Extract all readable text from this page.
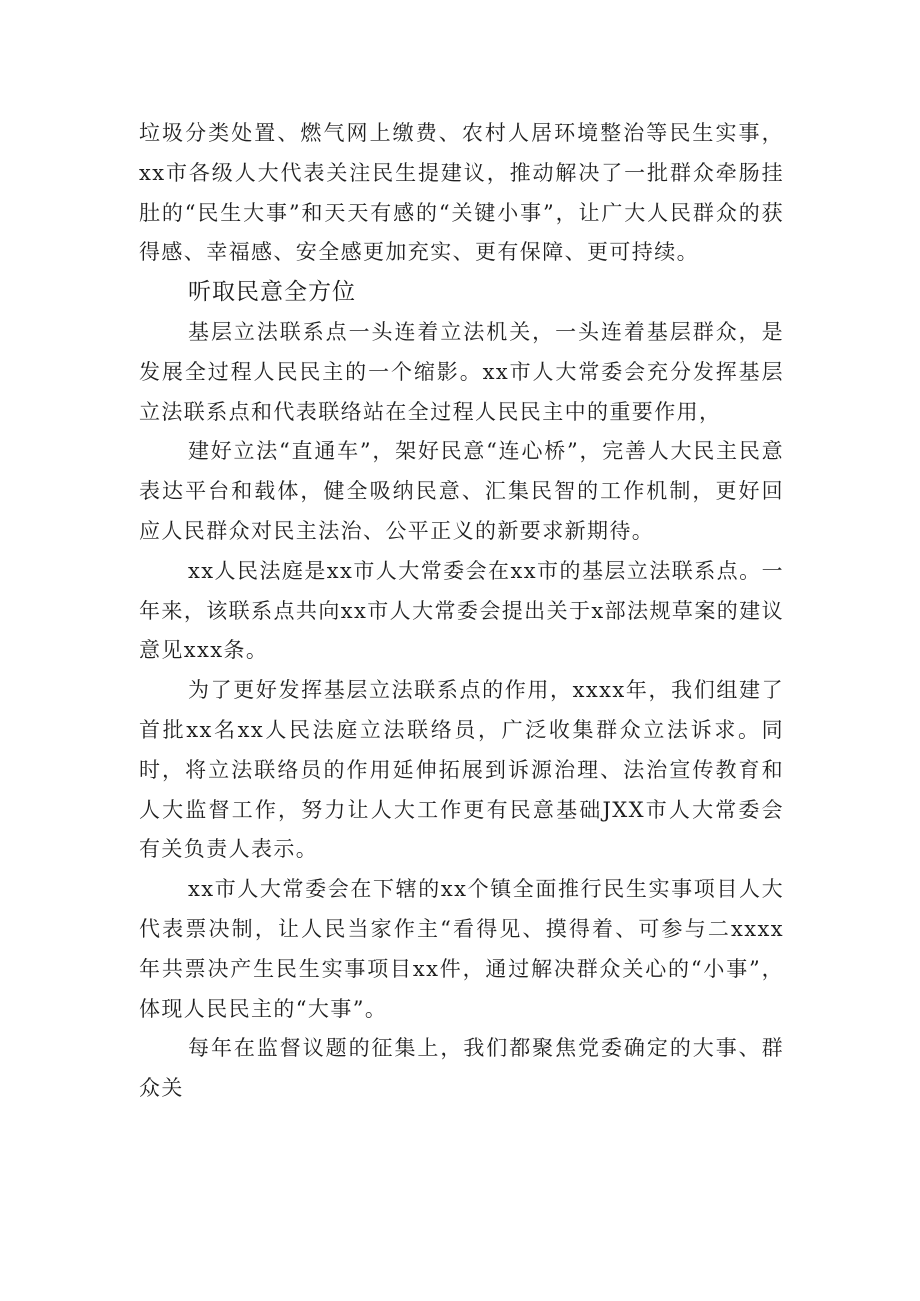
垃圾分类处置、燃气网上缴费、农村人居环境整治等民生实事，xx市各级人大代表关注民生提建议，推动解决了一批群众牵肠挂肚的“民生大事”和天天有感的“关键小事”，让广大人民群众的获得感、幸福感、安全感更加充实、更有保障、更可持续。

听取民意全方位

基层立法联系点一头连着立法机关，一头连着基层群众，是发展全过程人民民主的一个缩影。xx市人大常委会充分发挥基层立法联系点和代表联络站在全过程人民民主中的重要作用，

建好立法“直通车”，架好民意“连心桥”，完善人大民主民意表达平台和载体，健全吸纳民意、汇集民智的工作机制，更好回应人民群众对民主法治、公平正义的新要求新期待。

xx人民法庭是xx市人大常委会在xx市的基层立法联系点。一年来，该联系点共向xx市人大常委会提出关于x部法规草案的建议意见xxx条。

为了更好发挥基层立法联系点的作用，xxxx年，我们组建了首批xx名xx人民法庭立法联络员，广泛收集群众立法诉求。同时，将立法联络员的作用延伸拓展到诉源治理、法治宣传教育和人大监督工作，努力让人大工作更有民意基础JXX市人大常委会有关负责人表示。

xx市人大常委会在下辖的xx个镇全面推行民生实事项目人大代表票决制，让人民当家作主“看得见、摸得着、可参与二xxxx年共票决产生民生实事项目xx件，通过解决群众关心的“小事”，体现人民民主的“大事”。

每年在监督议题的征集上，我们都聚焦党委确定的大事、群众关
